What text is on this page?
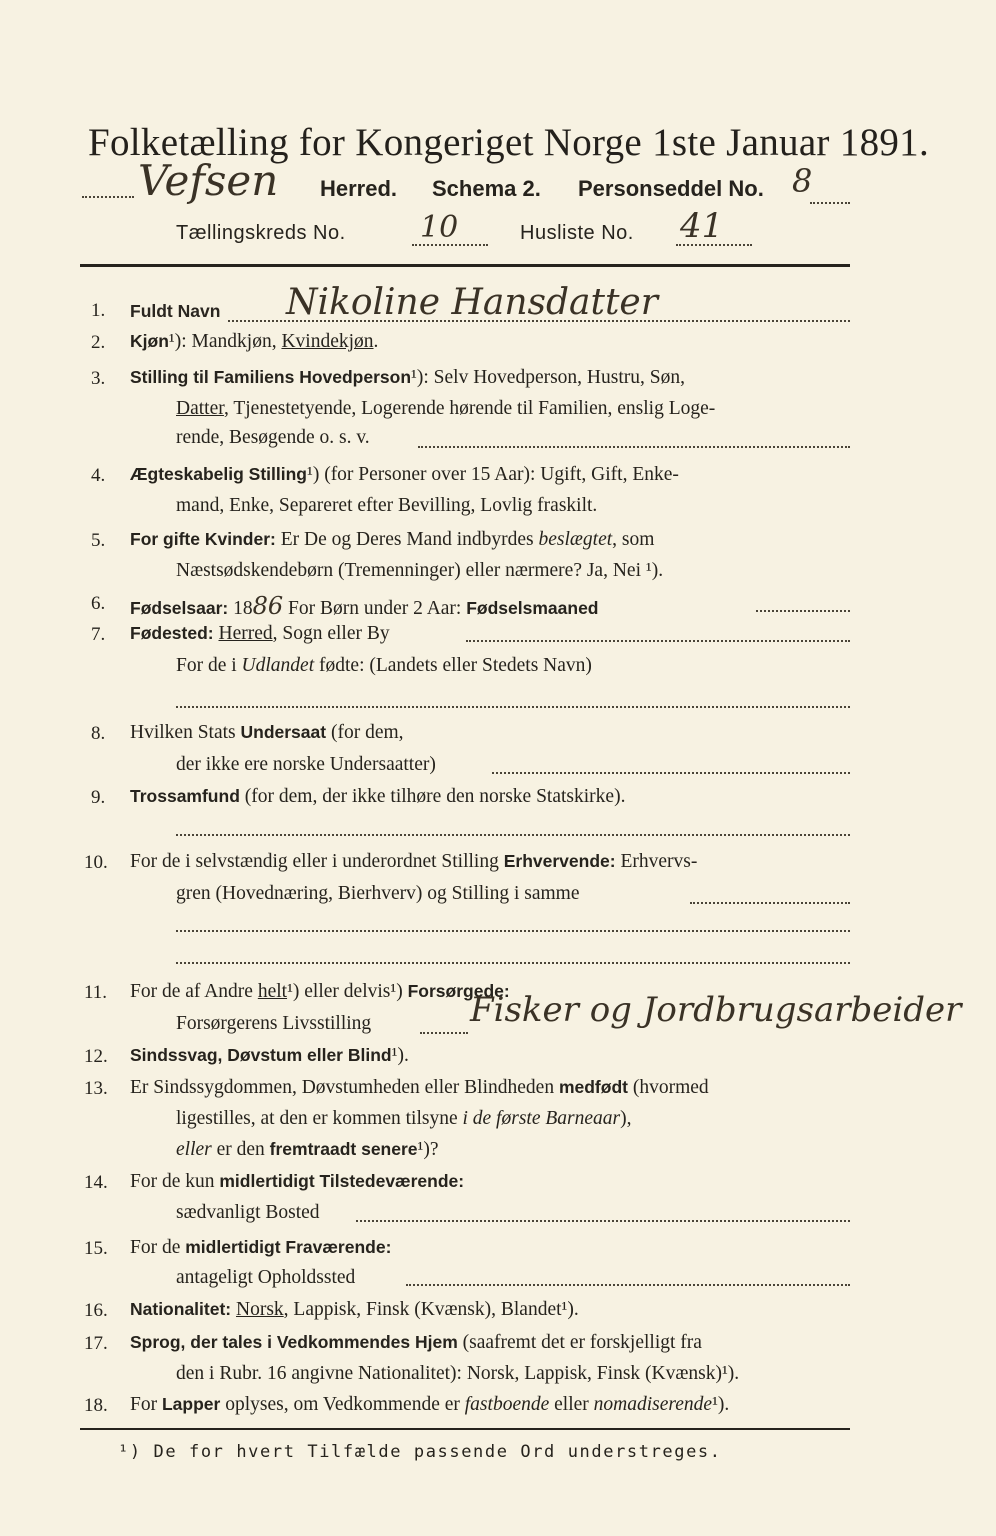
Folketælling for Kongeriget Norge 1ste Januar 1891.
Vefsen Herred. Schema 2. Personseddel No. 8
Tællingskreds No. 10	Husliste No. 41
1. Fuldt Navn Nikoline Hansdatter
2. Kjøn¹): Mandkjøn, Kvindekjøn.
3. Stilling til Familiens Hovedperson¹): Selv Hovedperson, Hustru, Søn,
Datter, Tjenestetyende, Logerende hørende til Familien, enslig Loge-
rende, Besøgende o. s. v.
4. Ægteskabelig Stilling¹) (for Personer over 15 Aar): Ugift, Gift, Enke-
mand, Enke, Separeret efter Bevilling, Lovlig fraskilt.
5. For gifte Kvinder: Er De og Deres Mand indbyrdes beslægtet, som
Næstsødskendebørn (Tremenninger) eller nærmere? Ja, Nei ¹).
6. Fødselsaar: 1886 For Børn under 2 Aar: Fødselsmaaned
7. Fødested: Herred, Sogn eller By
For de i Udlandet fødte: (Landets eller Stedets Navn)
8. Hvilken Stats Undersaat (for dem,
der ikke ere norske Undersaatter)
9. Trossamfund (for dem, der ikke tilhøre den norske Statskirke).
10. For de i selvstændig eller i underordnet Stilling Erhvervende: Erhvervs-
gren (Hovednæring, Bierhverv) og Stilling i samme
11. For de af Andre helt¹) eller delvis¹) Forsørgede:
Forsørgerens Livsstilling	Fisker og Jordbrugsarbeider
12. Sindssvag, Døvstum eller Blind¹).
13. Er Sindssygdommen, Døvstumheden eller Blindheden medfødt (hvormed
ligestilles, at den er kommen tilsyne i de første Barneaar),
eller er den fremtraadt senere¹)?
14. For de kun midlertidigt Tilstedeværende:
sædvanligt Bosted
15. For de midlertidigt Fraværende:
antageligt Opholdssted
16. Nationalitet: Norsk, Lappisk, Finsk (Kvænsk), Blandet¹).
17. Sprog, der tales i Vedkommendes Hjem (saafremt det er forskjelligt fra
den i Rubr. 16 angivne Nationalitet): Norsk, Lappisk, Finsk (Kvænsk)¹).
18. For Lapper oplyses, om Vedkommende er fastboende eller nomadiserende¹).
¹) De for hvert Tilfælde passende Ord understreges.
